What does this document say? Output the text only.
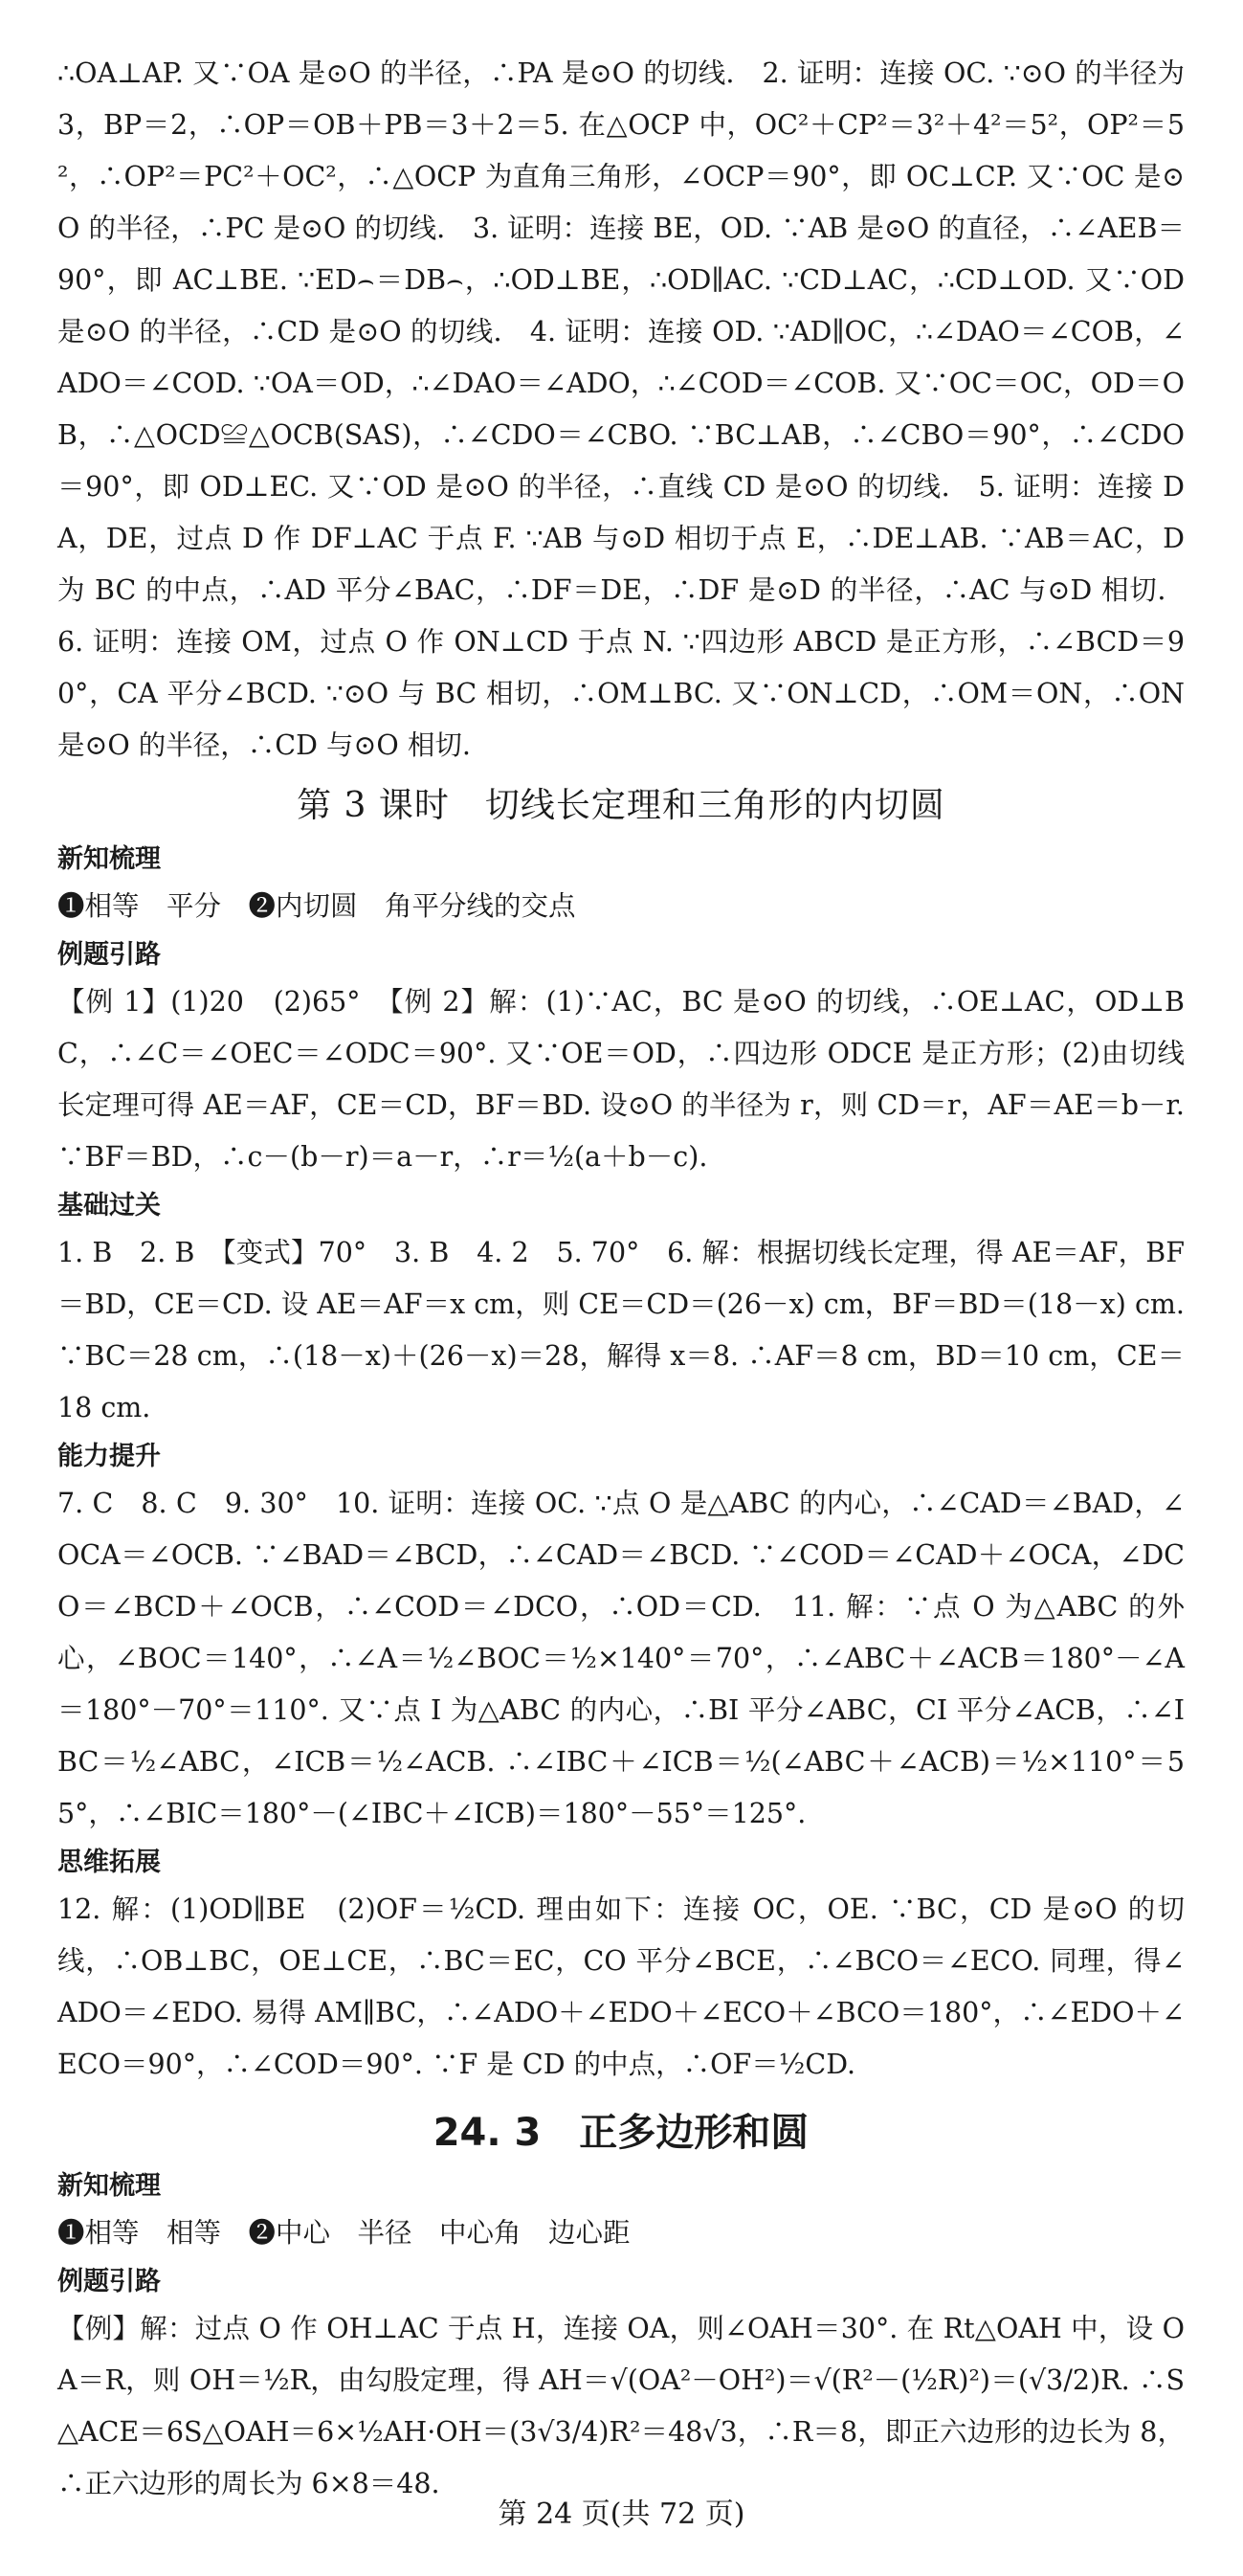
∴OA⊥AP. 又∵OA 是⊙O 的半径，∴PA 是⊙O 的切线． 2. 证明：连接 OC. ∵⊙O 的半径为 3，BP＝2，∴OP＝OB＋PB＝3＋2＝5. 在△OCP 中，OC²＋CP²＝3²＋4²＝5²，OP²＝5²，∴OP²＝PC²＋OC²，∴△OCP 为直角三角形，∠OCP＝90°，即 OC⊥CP. 又∵OC 是⊙O 的半径，∴PC 是⊙O 的切线． 3. 证明：连接 BE，OD. ∵AB 是⊙O 的直径，∴∠AEB＝90°，即 AC⊥BE. ∵ED⌢＝DB⌢，∴OD⊥BE，∴OD∥AC. ∵CD⊥AC，∴CD⊥OD. 又∵OD 是⊙O 的半径，∴CD 是⊙O 的切线． 4. 证明：连接 OD. ∵AD∥OC，∴∠DAO＝∠COB，∠ADO＝∠COD. ∵OA＝OD，∴∠DAO＝∠ADO，∴∠COD＝∠COB. 又∵OC＝OC，OD＝OB，∴△OCD≌△OCB(SAS)，∴∠CDO＝∠CBO. ∵BC⊥AB，∴∠CBO＝90°，∴∠CDO＝90°，即 OD⊥EC. 又∵OD 是⊙O 的半径，∴直线 CD 是⊙O 的切线． 5. 证明：连接 DA，DE，过点 D 作 DF⊥AC 于点 F. ∵AB 与⊙D 相切于点 E，∴DE⊥AB. ∵AB＝AC，D 为 BC 的中点，∴AD 平分∠BAC，∴DF＝DE，∴DF 是⊙D 的半径，∴AC 与⊙D 相切． 6. 证明：连接 OM，过点 O 作 ON⊥CD 于点 N. ∵四边形 ABCD 是正方形，∴∠BCD＝90°，CA 平分∠BCD. ∵⊙O 与 BC 相切，∴OM⊥BC. 又∵ON⊥CD，∴OM＝ON，∴ON 是⊙O 的半径，∴CD 与⊙O 相切.

第 3 课时　切线长定理和三角形的内切圆
新知梳理

❶相等　平分　❷内切圆　角平分线的交点

例题引路

【例 1】(1)20　(2)65°　【例 2】解：(1)∵AC，BC 是⊙O 的切线，∴OE⊥AC，OD⊥BC，∴∠C＝∠OEC＝∠ODC＝90°. 又∵OE＝OD，∴四边形 ODCE 是正方形；(2)由切线长定理可得 AE＝AF，CE＝CD，BF＝BD. 设⊙O 的半径为 r，则 CD＝r，AF＝AE＝b－r. ∵BF＝BD，∴c－(b－r)＝a－r，∴r＝½(a＋b－c).

基础过关

1. B　2. B　【变式】70°　3. B　4. 2　5. 70°　6. 解：根据切线长定理，得 AE＝AF，BF＝BD，CE＝CD. 设 AE＝AF＝x cm，则 CE＝CD＝(26－x) cm，BF＝BD＝(18－x) cm. ∵BC＝28 cm，∴(18－x)＋(26－x)＝28，解得 x＝8. ∴AF＝8 cm，BD＝10 cm，CE＝18 cm.

能力提升

7. C　8. C　9. 30°　10. 证明：连接 OC. ∵点 O 是△ABC 的内心，∴∠CAD＝∠BAD，∠OCA＝∠OCB. ∵∠BAD＝∠BCD，∴∠CAD＝∠BCD. ∵∠COD＝∠CAD＋∠OCA，∠DCO＝∠BCD＋∠OCB，∴∠COD＝∠DCO，∴OD＝CD.　11. 解：∵点 O 为△ABC 的外心，∠BOC＝140°，∴∠A＝½∠BOC＝½×140°＝70°，∴∠ABC＋∠ACB＝180°－∠A＝180°－70°＝110°. 又∵点 I 为△ABC 的内心，∴BI 平分∠ABC，CI 平分∠ACB，∴∠IBC＝½∠ABC，∠ICB＝½∠ACB. ∴∠IBC＋∠ICB＝½(∠ABC＋∠ACB)＝½×110°＝55°，∴∠BIC＝180°－(∠IBC＋∠ICB)＝180°－55°＝125°.

思维拓展

12. 解：(1)OD∥BE　(2)OF＝½CD. 理由如下：连接 OC，OE. ∵BC，CD 是⊙O 的切线，∴OB⊥BC，OE⊥CE，∴BC＝EC，CO 平分∠BCE，∴∠BCO＝∠ECO. 同理，得∠ADO＝∠EDO. 易得 AM∥BC，∴∠ADO＋∠EDO＋∠ECO＋∠BCO＝180°，∴∠EDO＋∠ECO＝90°，∴∠COD＝90°. ∵F 是 CD 的中点，∴OF＝½CD.

24. 3　正多边形和圆
新知梳理

❶相等　相等　❷中心　半径　中心角　边心距

例题引路

【例】解：过点 O 作 OH⊥AC 于点 H，连接 OA，则∠OAH＝30°. 在 Rt△OAH 中，设 OA＝R，则 OH＝½R，由勾股定理，得 AH＝√(OA²－OH²)＝√(R²－(½R)²)＝(√3/2)R. ∴S△ACE＝6S△OAH＝6×½AH·OH＝(3√3/4)R²＝48√3，∴R＝8，即正六边形的边长为 8，∴正六边形的周长为 6×8＝48.

第 24 页(共 72 页)
